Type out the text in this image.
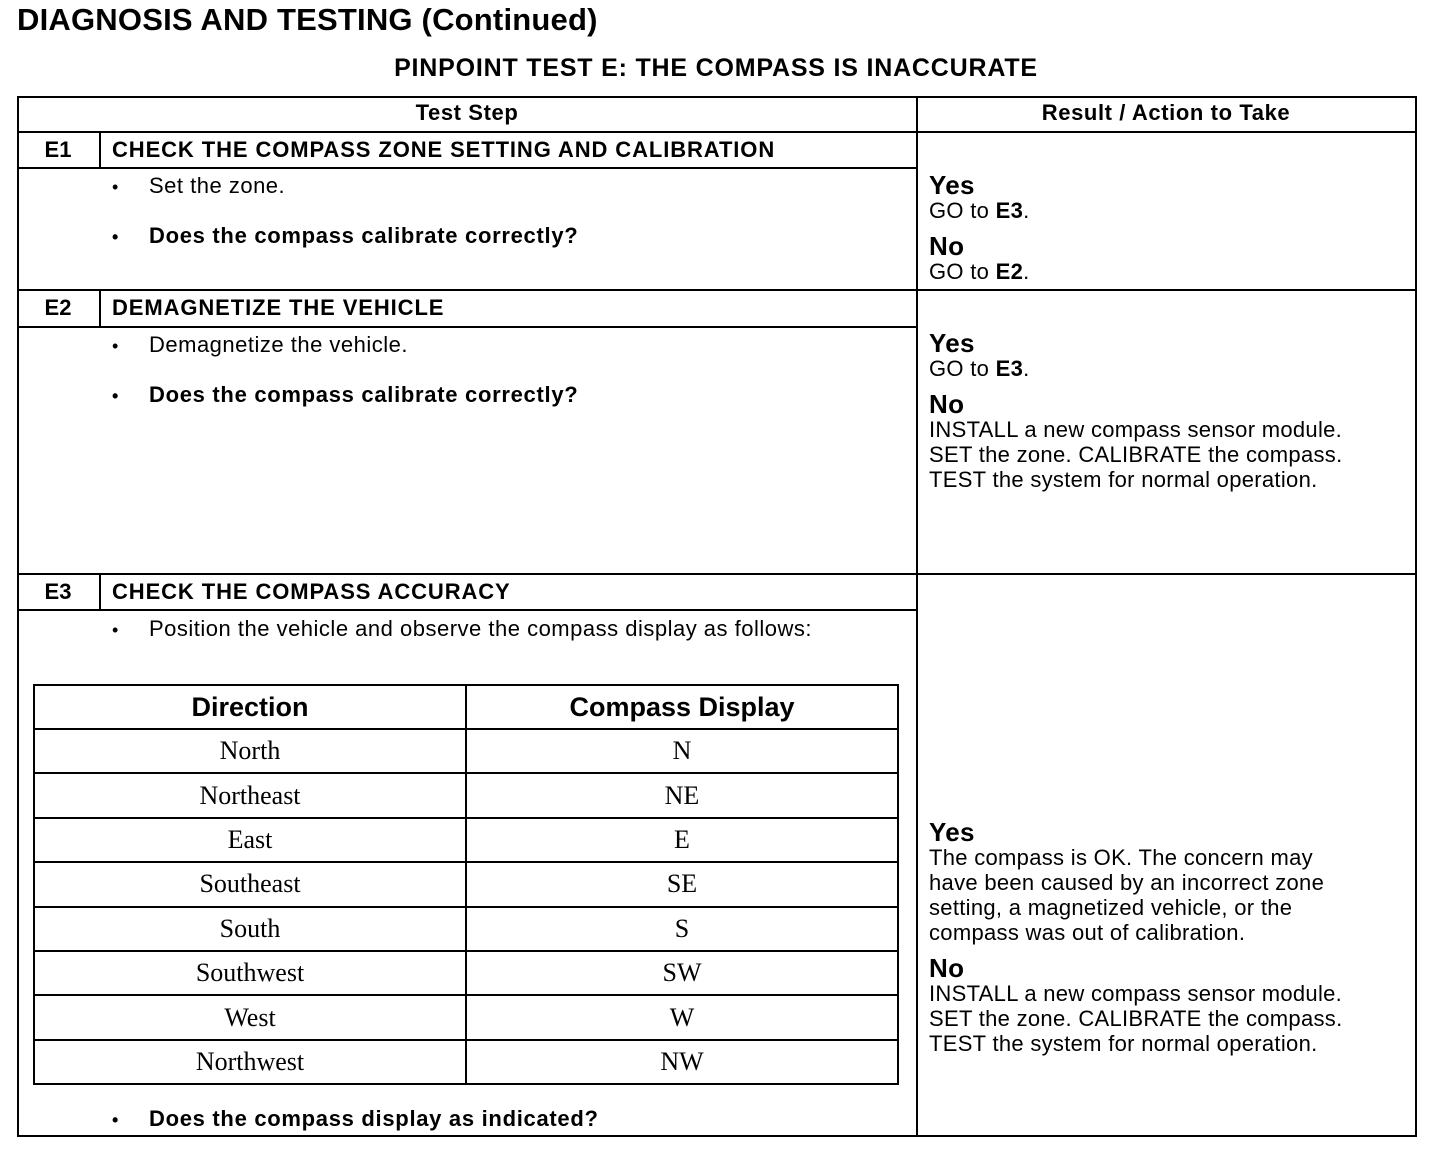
DIAGNOSIS AND TESTING (Continued)
PINPOINT TEST E: THE COMPASS IS INACCURATE
Test Step	Result / Action to Take
E1	CHECK THE COMPASS ZONE SETTING AND CALIBRATION
• Set the zone.
• Does the compass calibrate correctly?
Yes
GO to E3.
No
GO to E2.
E2	DEMAGNETIZE THE VEHICLE
• Demagnetize the vehicle.
• Does the compass calibrate correctly?
Yes
GO to E3.
No
INSTALL a new compass sensor module.
SET the zone. CALIBRATE the compass.
TEST the system for normal operation.
E3	CHECK THE COMPASS ACCURACY
• Position the vehicle and observe the compass display as follows:
Direction	Compass Display
North	N
Northeast	NE
East	E
Southeast	SE
South	S
Southwest	SW
West	W
Northwest	NW
• Does the compass display as indicated?
Yes
The compass is OK. The concern may
have been caused by an incorrect zone
setting, a magnetized vehicle, or the
compass was out of calibration.
No
INSTALL a new compass sensor module.
SET the zone. CALIBRATE the compass.
TEST the system for normal operation.
